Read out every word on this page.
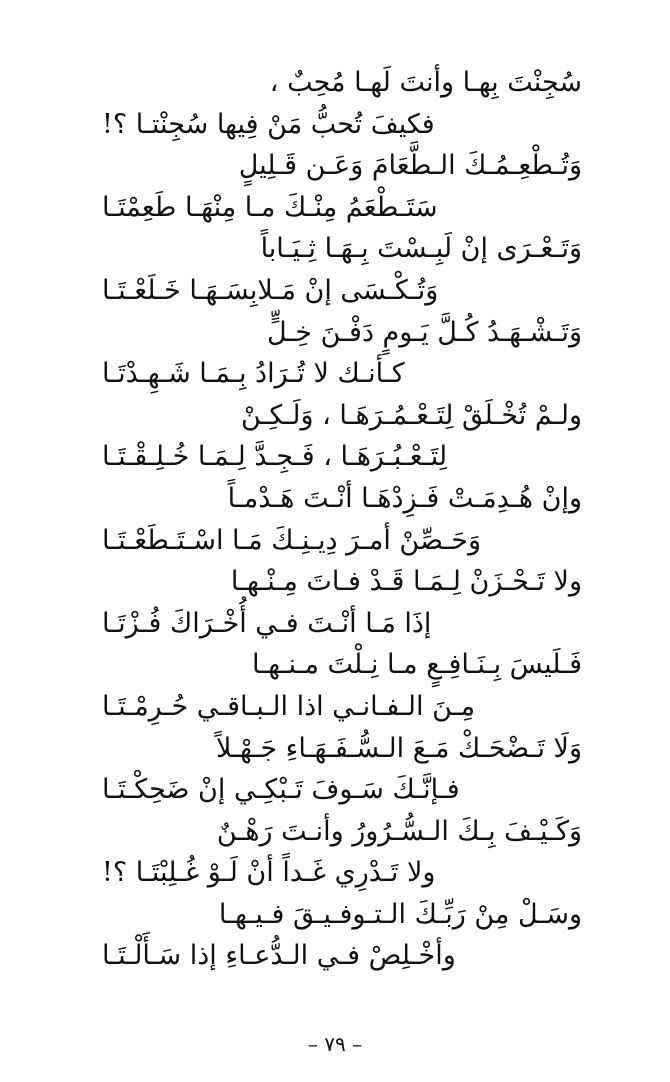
سُجِنْتَ بِهـا وأنتَ لَهـا مُحِبٌ ،
فكيفَ تُحبُّ مَنْ فِيها سُجِنْتـا ؟!
وَتُـطْعِـمُـكَ الـطَّعَامَ وَعَـن قَـلِيلٍ
سَتَـطْعَمُ مِنْـكَ مـا مِنْهَـا طَعِمْتَـا
وَتَـعْـرَى إنْ لَبِـسْتَ بِـهَـا ثِـيَـاباً
وَتُـكْـسَى إنْ مَـلابِسَـهَـا خَـلَعْـتَـا
وَتَـشْـهَـدُ كُـلَّ يَـومٍ دَفْـنَ خِـلٍّ
كـأنـك لا تُـرَادُ بِـمَـا شَـهِـدْتَـا
ولـمْ تُخْـلَقْ لِتَـعْـمُـرَهَـا ، وَلَـكِـنْ
لِتَـعْـبُـرَهَـا ، فَـجِـدَّ لِـمَـا خُـلِـقْـتَـا
وإنْ هُـدِمَـتْ فَـزِدْهَـا أنْـتَ هَـدْمـاً
وَحَـصِّنْ أمـرَ دِيـنِـكَ مَـا اسْـتَـطَعْـتَـا
ولا تَـحْـزَنْ لِـمَـا قَـدْ فـاتَ مِـنْـهـا
إذَا مَـا أنْـتَ فـي أُخْـرَاكَ فُـزْتَـا
فَـلَيسَ بِـنَـافِـعٍ مـا نِـلْتَ مـنـهـا
مِـنَ الـفـانـي اذا الـبـاقـي حُـرِمْـتَـا
وَلَا تَـضْحَـكْ مَـعَ الـسُّـفَـهَـاءِ جَـهْـلاً
فـإنَّـكَ سَـوفَ تَـبْكِـي إنْ ضَحِكْـتَـا
وَكَـيْـفَ بِـكَ الـسُّـرُورُ وأنـتَ رَهْـنٌ
ولا تَـدْرِي غَـداً أنْ لَـوْ غُـلِبْتَـا ؟!
وسَـلْ مِنْ رَبِّـكَ الـتـوفـيـقَ فـيـهـا
وأخْـلِصْ فـي الـدُّعـاءِ إذا سَـأَلْـتَـا
– ٧٩ –
